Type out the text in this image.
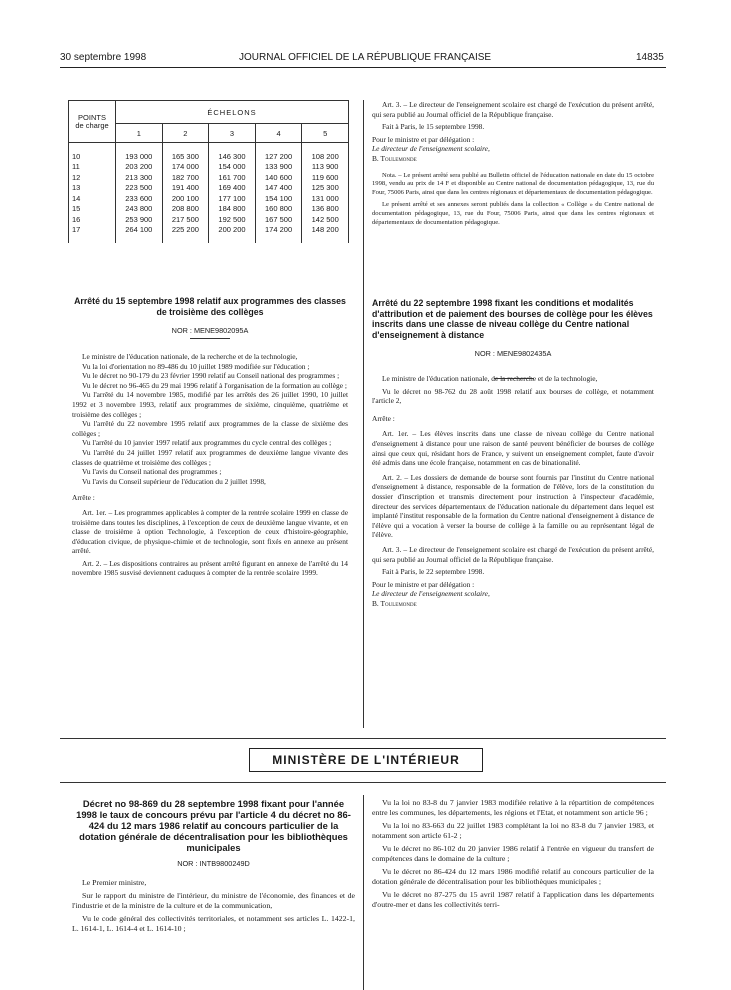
30 septembre 1998	JOURNAL OFFICIEL DE LA RÉPUBLIQUE FRANÇAISE	14835
POINTS de charge	ÉCHELONS				
	1	2	3	4	5

10	193 000	165 300	146 300	127 200	108 200
11	203 200	174 000	154 000	133 900	113 900
12	213 300	182 700	161 700	140 600	119 600
13	223 500	191 400	169 400	147 400	125 300
14	233 600	200 100	177 100	154 100	131 000
15	243 800	208 800	184 800	160 800	136 800
16	253 900	217 500	192 500	167 500	142 500
17	264 100	225 200	200 200	174 200	148 200

Arrêté du 15 septembre 1998 relatif aux programmes des classes de troisième des collèges

NOR : MENE9802095A

Le ministre de l'éducation nationale, de la recherche et de la technologie,

Vu la loi d'orientation no 89-486 du 10 juillet 1989 modifiée sur l'éducation ;

Vu le décret no 90-179 du 23 février 1990 relatif au Conseil national des programmes ;

Vu le décret no 96-465 du 29 mai 1996 relatif à l'organisation de la formation au collège ;

Vu l'arrêté du 14 novembre 1985, modifié par les arrêtés des 26 juillet 1990, 10 juillet 1992 et 3 novembre 1993, relatif aux programmes de sixième, cinquième, quatrième et troisième des collèges ;

Vu l'arrêté du 22 novembre 1995 relatif aux programmes de la classe de sixième des collèges ;

Vu l'arrêté du 10 janvier 1997 relatif aux programmes du cycle central des collèges ;

Vu l'arrêté du 24 juillet 1997 relatif aux programmes de deuxième langue vivante des classes de quatrième et troisième des collèges ;

Vu l'avis du Conseil national des programmes ;

Vu l'avis du Conseil supérieur de l'éducation du 2 juillet 1998,

Arrête :

Art. 1er. – Les programmes applicables à compter de la rentrée scolaire 1999 en classe de troisième dans toutes les disciplines, à l'exception de ceux de deuxième langue vivante, et en classe de troisième à option Technologie, à l'exception de ceux d'histoire-géographie, d'éducation civique, de physique-chimie et de technologie, sont fixés en annexe au présent arrêté.

Art. 2. – Les dispositions contraires au présent arrêté figurant en annexe de l'arrêté du 14 novembre 1985 susvisé deviennent caduques à compter de la rentrée scolaire 1999.

Art. 3. – Le directeur de l'enseignement scolaire est chargé de l'exécution du présent arrêté, qui sera publié au Journal officiel de la République française.

Fait à Paris, le 15 septembre 1998.

Pour le ministre et par délégation :

Le directeur de l'enseignement scolaire,

B. Toulemonde

Nota. – Le présent arrêté sera publié au Bulletin officiel de l'éducation nationale en date du 15 octobre 1998, vendu au prix de 14 F et disponible au Centre national de documentation pédagogique, 13, rue du Four, 75006 Paris, ainsi que dans les centres régionaux et départementaux de documentation pédagogique.

Le présent arrêté et ses annexes seront publiés dans la collection « Collège » du Centre national de documentation pédagogique, 13, rue du Four, 75006 Paris, ainsi que dans les centres régionaux et départementaux de documentation pédagogique.

Arrêté du 22 septembre 1998 fixant les conditions et modalités d'attribution et de paiement des bourses de collège pour les élèves inscrits dans une classe de niveau collège du Centre national d'enseignement à distance

NOR : MENE9802435A

Le ministre de l'éducation nationale, de la recherche et de la technologie,

Vu le décret no 98-762 du 28 août 1998 relatif aux bourses de collège, et notamment l'article 2,

Arrête :

Art. 1er. – Les élèves inscrits dans une classe de niveau collège du Centre national d'enseignement à distance pour une raison de santé peuvent bénéficier de bourses de collège ainsi que ceux qui, résidant hors de France, y suivent un enseignement complet, faute d'avoir été admis dans une école française, notamment en cas de binationalité.

Art. 2. – Les dossiers de demande de bourse sont fournis par l'institut du Centre national d'enseignement à distance, responsable de la formation de l'élève, lors de la constitution du dossier d'inscription et transmis directement pour instruction à l'inspecteur d'académie, directeur des services départementaux de l'éducation nationale du département dans lequel est implanté l'institut responsable de la formation du Centre national d'enseignement à distance de l'élève qui a vocation à verser la bourse de collège à la famille ou au représentant légal de l'élève.

Art. 3. – Le directeur de l'enseignement scolaire est chargé de l'exécution du présent arrêté, qui sera publié au Journal officiel de la République française.

Fait à Paris, le 22 septembre 1998.

Pour le ministre et par délégation :

Le directeur de l'enseignement scolaire,

B. Toulemonde

MINISTÈRE DE L'INTÉRIEUR

Décret no 98-869 du 28 septembre 1998 fixant pour l'année 1998 le taux de concours prévu par l'article 4 du décret no 86-424 du 12 mars 1986 relatif au concours particulier de la dotation générale de décentralisation pour les bibliothèques municipales

NOR : INTB9800249D

Le Premier ministre,

Sur le rapport du ministre de l'intérieur, du ministre de l'économie, des finances et de l'industrie et de la ministre de la culture et de la communication,

Vu le code général des collectivités territoriales, et notamment ses articles L. 1422-1, L. 1614-1, L. 1614-4 et L. 1614-10 ;

Vu la loi no 83-8 du 7 janvier 1983 modifiée relative à la répartition de compétences entre les communes, les départements, les régions et l'Etat, et notamment son article 96 ;

Vu la loi no 83-663 du 22 juillet 1983 complétant la loi no 83-8 du 7 janvier 1983, et notamment son article 61-2 ;

Vu le décret no 86-102 du 20 janvier 1986 relatif à l'entrée en vigueur du transfert de compétences dans le domaine de la culture ;

Vu le décret no 86-424 du 12 mars 1986 modifié relatif au concours particulier de la dotation générale de décentralisation pour les bibliothèques municipales ;

Vu le décret no 87-275 du 15 avril 1987 relatif à l'application dans les départements d'outre-mer et dans les collectivités terri-
